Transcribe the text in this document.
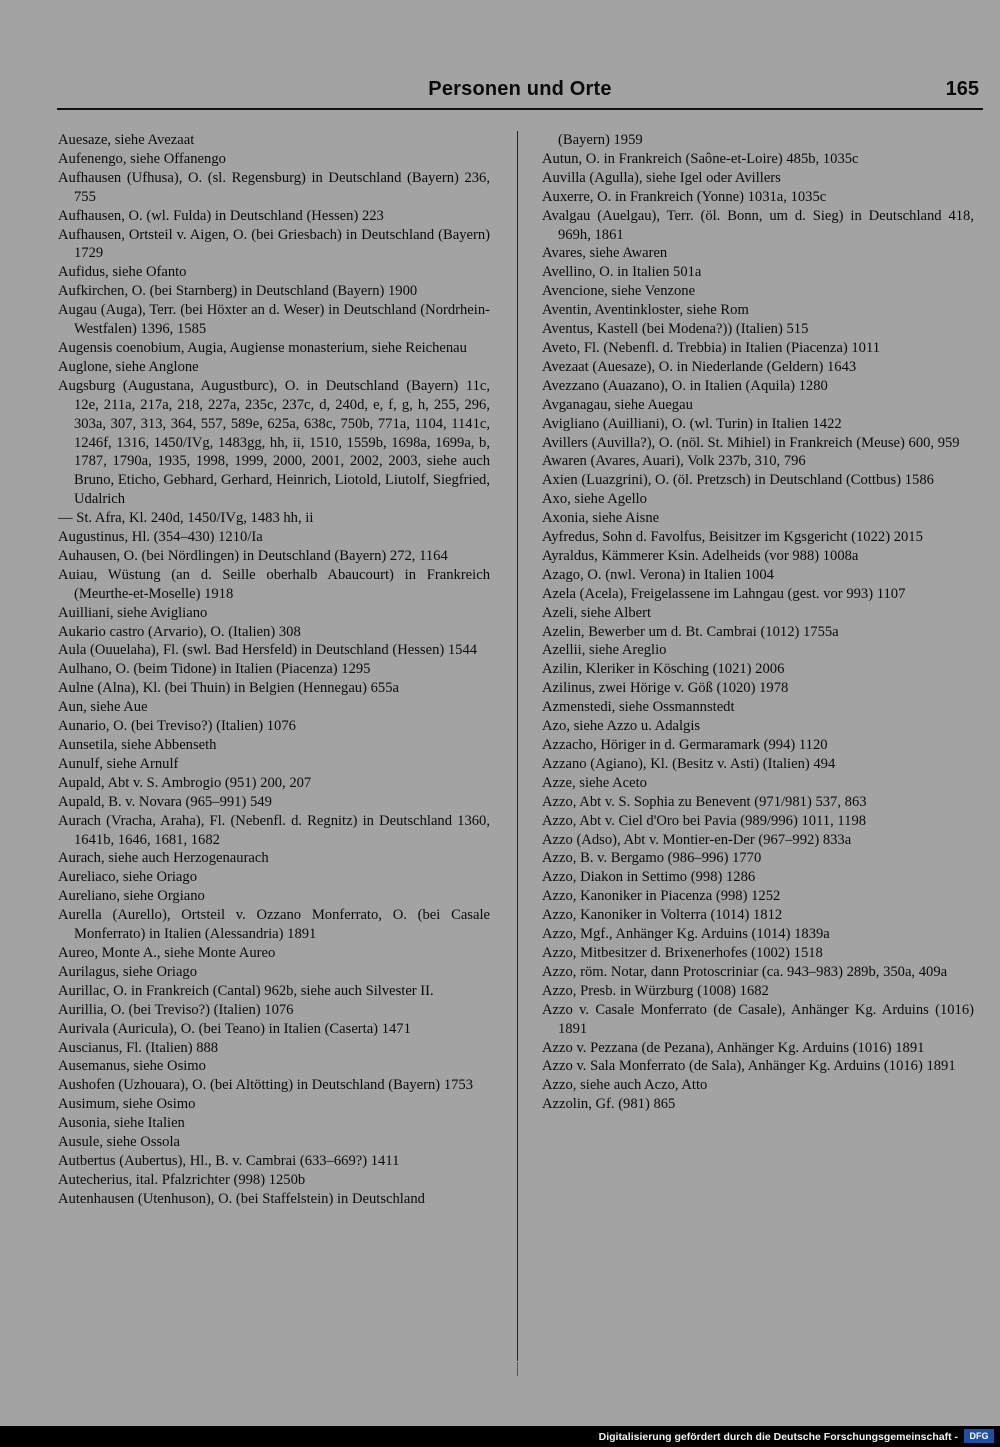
Personen und Orte	165
Auesaze, siehe Avezaat
Aufenengo, siehe Offanengo
Aufhausen (Ufhusa), O. (sl. Regensburg) in Deutschland (Bayern) 236, 755
Aufhausen, O. (wl. Fulda) in Deutschland (Hessen) 223
Aufhausen, Ortsteil v. Aigen, O. (bei Griesbach) in Deutschland (Bayern) 1729
Aufidus, siehe Ofanto
Aufkirchen, O. (bei Starnberg) in Deutschland (Bayern) 1900
Augau (Auga), Terr. (bei Höxter an d. Weser) in Deutschland (Nordrhein-Westfalen) 1396, 1585
Augensis coenobium, Augia, Augiense monasterium, siehe Reichenau
Auglone, siehe Anglone
Augsburg (Augustana, Augustburc), O. in Deutschland (Bayern) 11c, 12e, 211a, 217a, 218, 227a, 235c, 237c, d, 240d, e, f, g, h, 255, 296, 303a, 307, 313, 364, 557, 589e, 625a, 638c, 750b, 771a, 1104, 1141c, 1246f, 1316, 1450/IVg, 1483gg, hh, ii, 1510, 1559b, 1698a, 1699a, b, 1787, 1790a, 1935, 1998, 1999, 2000, 2001, 2002, 2003, siehe auch Bruno, Eticho, Gebhard, Gerhard, Heinrich, Liotold, Liutolf, Siegfried, Udalrich
— St. Afra, Kl. 240d, 1450/IVg, 1483 hh, ii
Augustinus, Hl. (354–430) 1210/Ia
Auhausen, O. (bei Nördlingen) in Deutschland (Bayern) 272, 1164
Auiau, Wüstung (an d. Seille oberhalb Abaucourt) in Frankreich (Meurthe-et-Moselle) 1918
Auilliani, siehe Avigliano
Aukario castro (Arvario), O. (Italien) 308
Aula (Ouuelaha), Fl. (swl. Bad Hersfeld) in Deutschland (Hessen) 1544
Aulhano, O. (beim Tidone) in Italien (Piacenza) 1295
Aulne (Alna), Kl. (bei Thuin) in Belgien (Hennegau) 655a
Aun, siehe Aue
Aunario, O. (bei Treviso?) (Italien) 1076
Aunsetila, siehe Abbenseth
Aunulf, siehe Arnulf
Aupald, Abt v. S. Ambrogio (951) 200, 207
Aupald, B. v. Novara (965–991) 549
Aurach (Vracha, Araha), Fl. (Nebenfl. d. Regnitz) in Deutschland 1360, 1641b, 1646, 1681, 1682
Aurach, siehe auch Herzogenaurach
Aureliaco, siehe Oriago
Aureliano, siehe Orgiano
Aurella (Aurello), Ortsteil v. Ozzano Monferrato, O. (bei Casale Monferrato) in Italien (Alessandria) 1891
Aureo, Monte A., siehe Monte Aureo
Aurilagus, siehe Oriago
Aurillac, O. in Frankreich (Cantal) 962b, siehe auch Silvester II.
Aurillia, O. (bei Treviso?) (Italien) 1076
Aurivala (Auricula), O. (bei Teano) in Italien (Caserta) 1471
Auscianus, Fl. (Italien) 888
Ausemanus, siehe Osimo
Aushofen (Uzhouara), O. (bei Altötting) in Deutschland (Bayern) 1753
Ausimum, siehe Osimo
Ausonia, siehe Italien
Ausule, siehe Ossola
Autbertus (Aubertus), Hl., B. v. Cambrai (633–669?) 1411
Autecherius, ital. Pfalzrichter (998) 1250b
Autenhausen (Utenhuson), O. (bei Staffelstein) in Deutschland
(Bayern) 1959
Autun, O. in Frankreich (Saône-et-Loire) 485b, 1035c
Auvilla (Agulla), siehe Igel oder Avillers
Auxerre, O. in Frankreich (Yonne) 1031a, 1035c
Avalgau (Auelgau), Terr. (öl. Bonn, um d. Sieg) in Deutschland 418, 969h, 1861
Avares, siehe Awaren
Avellino, O. in Italien 501a
Avencione, siehe Venzone
Aventin, Aventinkloster, siehe Rom
Aventus, Kastell (bei Modena?)) (Italien) 515
Aveto, Fl. (Nebenfl. d. Trebbia) in Italien (Piacenza) 1011
Avezaat (Auesaze), O. in Niederlande (Geldern) 1643
Avezzano (Auazano), O. in Italien (Aquila) 1280
Avganagau, siehe Auegau
Avigliano (Auilliani), O. (wl. Turin) in Italien 1422
Avillers (Auvilla?), O. (nöl. St. Mihiel) in Frankreich (Meuse) 600, 959
Awaren (Avares, Auari), Volk 237b, 310, 796
Axien (Luazgrini), O. (öl. Pretzsch) in Deutschland (Cottbus) 1586
Axo, siehe Agello
Axonia, siehe Aisne
Ayfredus, Sohn d. Favolfus, Beisitzer im Kgsgericht (1022) 2015
Ayraldus, Kämmerer Ksin. Adelheids (vor 988) 1008a
Azago, O. (nwl. Verona) in Italien 1004
Azela (Acela), Freigelassene im Lahngau (gest. vor 993) 1107
Azeli, siehe Albert
Azelin, Bewerber um d. Bt. Cambrai (1012) 1755a
Azellii, siehe Areglio
Azilin, Kleriker in Kösching (1021) 2006
Azilinus, zwei Hörige v. Göß (1020) 1978
Azmenstedi, siehe Ossmannstedt
Azo, siehe Azzo u. Adalgis
Azzacho, Höriger in d. Germaramark (994) 1120
Azzano (Agiano), Kl. (Besitz v. Asti) (Italien) 494
Azze, siehe Aceto
Azzo, Abt v. S. Sophia zu Benevent (971/981) 537, 863
Azzo, Abt v. Ciel d'Oro bei Pavia (989/996) 1011, 1198
Azzo (Adso), Abt v. Montier-en-Der (967–992) 833a
Azzo, B. v. Bergamo (986–996) 1770
Azzo, Diakon in Settimo (998) 1286
Azzo, Kanoniker in Piacenza (998) 1252
Azzo, Kanoniker in Volterra (1014) 1812
Azzo, Mgf., Anhänger Kg. Arduins (1014) 1839a
Azzo, Mitbesitzer d. Brixenerhofes (1002) 1518
Azzo, röm. Notar, dann Protoscriniar (ca. 943–983) 289b, 350a, 409a
Azzo, Presb. in Würzburg (1008) 1682
Azzo v. Casale Monferrato (de Casale), Anhänger Kg. Arduins (1016) 1891
Azzo v. Pezzana (de Pezana), Anhänger Kg. Arduins (1016) 1891
Azzo v. Sala Monferrato (de Sala), Anhänger Kg. Arduins (1016) 1891
Azzo, siehe auch Aczo, Atto
Azzolin, Gf. (981) 865
Digitalisierung gefördert durch die Deutsche Forschungsgemeinschaft -	DFG
